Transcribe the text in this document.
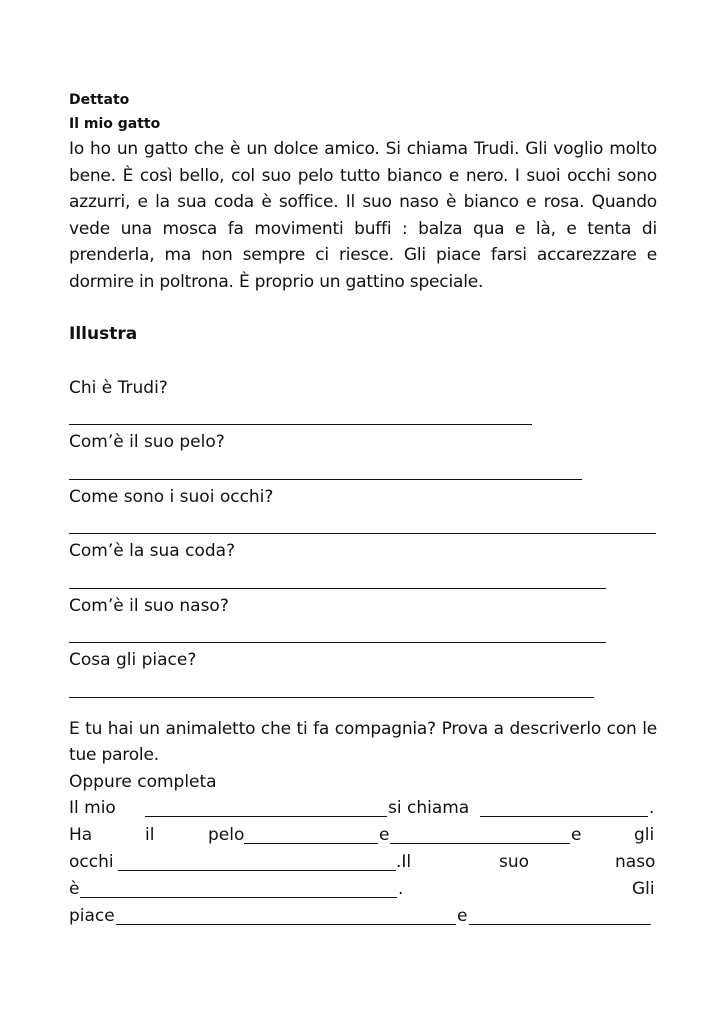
Dettato

Il mio gatto

Io ho un gatto che è un dolce amico. Si chiama Trudi. Gli voglio molto bene. È così bello, col suo pelo tutto bianco e nero. I suoi occhi sono azzurri, e la sua coda è soffice. Il suo naso è bianco e rosa. Quando vede una mosca fa movimenti buffi : balza qua e là, e tenta di prenderla, ma non sempre ci riesce. Gli piace farsi accarezzare e dormire in poltrona. È proprio un gattino speciale.

Illustra

Chi è Trudi?

Com’è il suo pelo?

Come sono i suoi occhi?

Com’è la sua coda?

Com’è il suo naso?

Cosa gli piace?

E tu hai un animaletto che ti fa compagnia? Prova a descriverlo con le tue parole.

Oppure completa

Il mio	si chiama	.
Ha	il	pelo	e	e	gli
occhi	.Il	suo	naso
è	.	Gli
piace	e
